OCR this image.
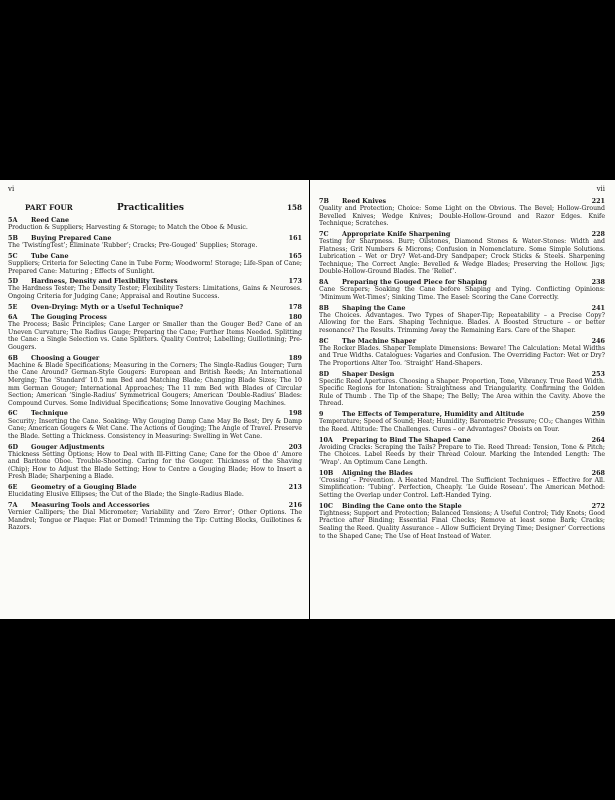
vi
PART FOUR	Practicalities	158
5A	Reed Cane
Production & Suppliers; Harvesting & Storage; to Match the Oboe & Music.
5B	Buying Prepared Cane	161
The ‘TwistingTest’; Eliminate ‘Rubber’; Cracks; Pre-Gouged’ Supplies; Storage.
5C	Tube Cane	165
Suppliers; Criteria for Selecting Cane in Tube Form; Woodworm! Storage; Life-Span of Cane; Prepared Cane: Maturing ; Effects of Sunlight.
5D	Hardness, Density and Flexibility Testers	173
The Hardness Tester; The Density Tester; Flexibility Testers: Limitations, Gains & Neuroses. Ongoing Criteria for Judging Cane; Appraisal and Routine Success.
5E	Oven-Drying: Myth or a Useful Technique?	178
6A	The Gouging Process	180
The Process; Basic Principles; Cane Larger or Smaller than the Gouger Bed? Cane of an Uneven Curvature; The Radius Gauge; Preparing the Cane; Further Items Needed. Splitting the Cane: a Single Selection vs. Cane Splitters. Quality Control; Labelling; Guillotining; Pre-Gougers.
6B	Choosing a Gouger	189
Machine & Blade Specifications; Measuring in the Corners; The Single-Radius Gouger; Turn the Cane Around? German-Style Gougers: European and British Reeds; An International Merging; The ‘Standard’ 10.5 mm Bed and Matching Blade; Changing Blade Sizes; The 10 mm German Gouger; International Approaches; The 11 mm Bed with Blades of Circular Section; American ‘Single-Radius’ Symmetrical Gougers; American ‘Double-Radius’ Blades: Compound Curves. Some Individual Specifications; Some Innovative Gouging Machines.
6C	Technique	198
Security; Inserting the Cane. Soaking: Why Gouging Damp Cane May Be Best; Dry & Damp Cane; American Gougers & Wet Cane. The Actions of Gouging; The Angle of Travel. Preserve the Blade. Setting a Thickness. Consistency in Measuring: Swelling in Wet Cane.
6D	Gouger Adjustments	203
Thickness Setting Options; How to Deal with Ill-Fitting Cane; Cane for the Oboe d’ Amore and Baritone Oboe. Trouble-Shooting. Caring for the Gouger. Thickness of the Shaving (Chip); How to Adjust the Blade Setting; How to Centre a Gouging Blade; How to Insert a Fresh Blade; Sharpening a Blade.
6E	Geometry of a Gouging Blade	213
Elucidating Elusive Ellipses; the Cut of the Blade; the Single-Radius Blade.
7A	Measuring Tools and Accessories	216
Vernier Callipers; the Dial Micrometer; Variability and ‘Zero Error’; Other Options. The Mandrel; Tongue or Plaque: Flat or Domed! Trimming the Tip: Cutting Blocks, Guillotines & Razors.
vii
7B	Reed Knives	221
Quality and Protection; Choice: Some Light on the Obvious. The Bevel; Hollow-Ground Bevelled Knives; Wedge Knives; Double-Hollow-Ground and Razor Edges. Knife Technique; Scratches.
7C	Appropriate Knife Sharpening	228
Testing for Sharpness. Burr; Oilstones, Diamond Stones & Water-Stones: Width and Flatness; Grit Numbers & Microns; Confusion in Nomenclature. Some Simple Solutions. Lubrication – Wet or Dry? Wet-and-Dry Sandpaper; Crock Sticks & Steels. Sharpening Technique; The Correct Angle: Bevelled & Wedge Blades; Preserving the Hollow. Jigs; Double-Hollow-Ground Blades. The ‘Relief’.
8A	Preparing the Gouged Piece for Shaping	238
Cane Scrapers; Soaking the Cane before Shaping and Tying. Conflicting Opinions: ‘Minimum Wet-Times’; Sinking Time. The Easel: Scoring the Cane Correctly.
8B	Shaping the Cane	241
The Choices. Advantages. Two Types of Shaper-Tip; Repeatability – a Precise Copy? Allowing for the Ears. Shaping Technique. Blades. A Boosted Structure – or better resonance? The Results. Trimming Away the Remaining Ears. Care of the Shaper.
8C	The Machine Shaper	246
The Rocker Blades. Shaper Template Dimensions: Beware! The Calculation: Metal Widths and True Widths. Catalogues: Vagaries and Confusion. The Overriding Factor: Wet or Dry? The Proportions Alter Too. ‘Straight’ Hand-Shapers.
8D	Shaper Design	253
Specific Reed Apertures. Choosing a Shaper. Proportion, Tone, Vibrancy. True Reed Width. Specific Regions for Intonation: Straightness and Triangularity. Confirming the Golden Rule of Thumb . The Tip of the Shape; The Belly; The Area within the Cavity. Above the Thread.
9	The Effects of Temperature, Humidity and Altitude	259
Temperature; Speed of Sound; Heat; Humidity; Barometric Pressure; CO₂; Changes Within the Reed. Altitude: The Challenges. Cures – or Advantages? Oboists on Tour.
10A	Preparing to Bind The Shaped Cane	264
Avoiding Cracks: Scraping the Tails? Prepare to Tie. Reed Thread: Tension, Tone & Pitch; The Choices. Label Reeds by their Thread Colour. Marking the Intended Length: The ‘Wrap’. An Optimum Cane Length.
10B	Aligning the Blades	268
‘Crossing’ – Prevention. A Heated Mandrel. The Sufficient Techniques – Effective for All. Simplification: ‘Tubing’. Perfection, Cheaply. ‘Le Guide Roseau’. The American Method: Setting the Overlap under Control. Left-Handed Tying.
10C	Binding the Cane onto the Staple	272
Tightness; Support and Protection; Balanced Tensions; A Useful Control; Tidy Knots; Good Practice after Binding; Essential Final Checks; Remove at least some Bark; Cracks; Sealing the Reed. Quality Assurance – Allow Sufficient Drying Time; Designer’ Corrections to the Shaped Cane; The Use of Heat Instead of Water.
